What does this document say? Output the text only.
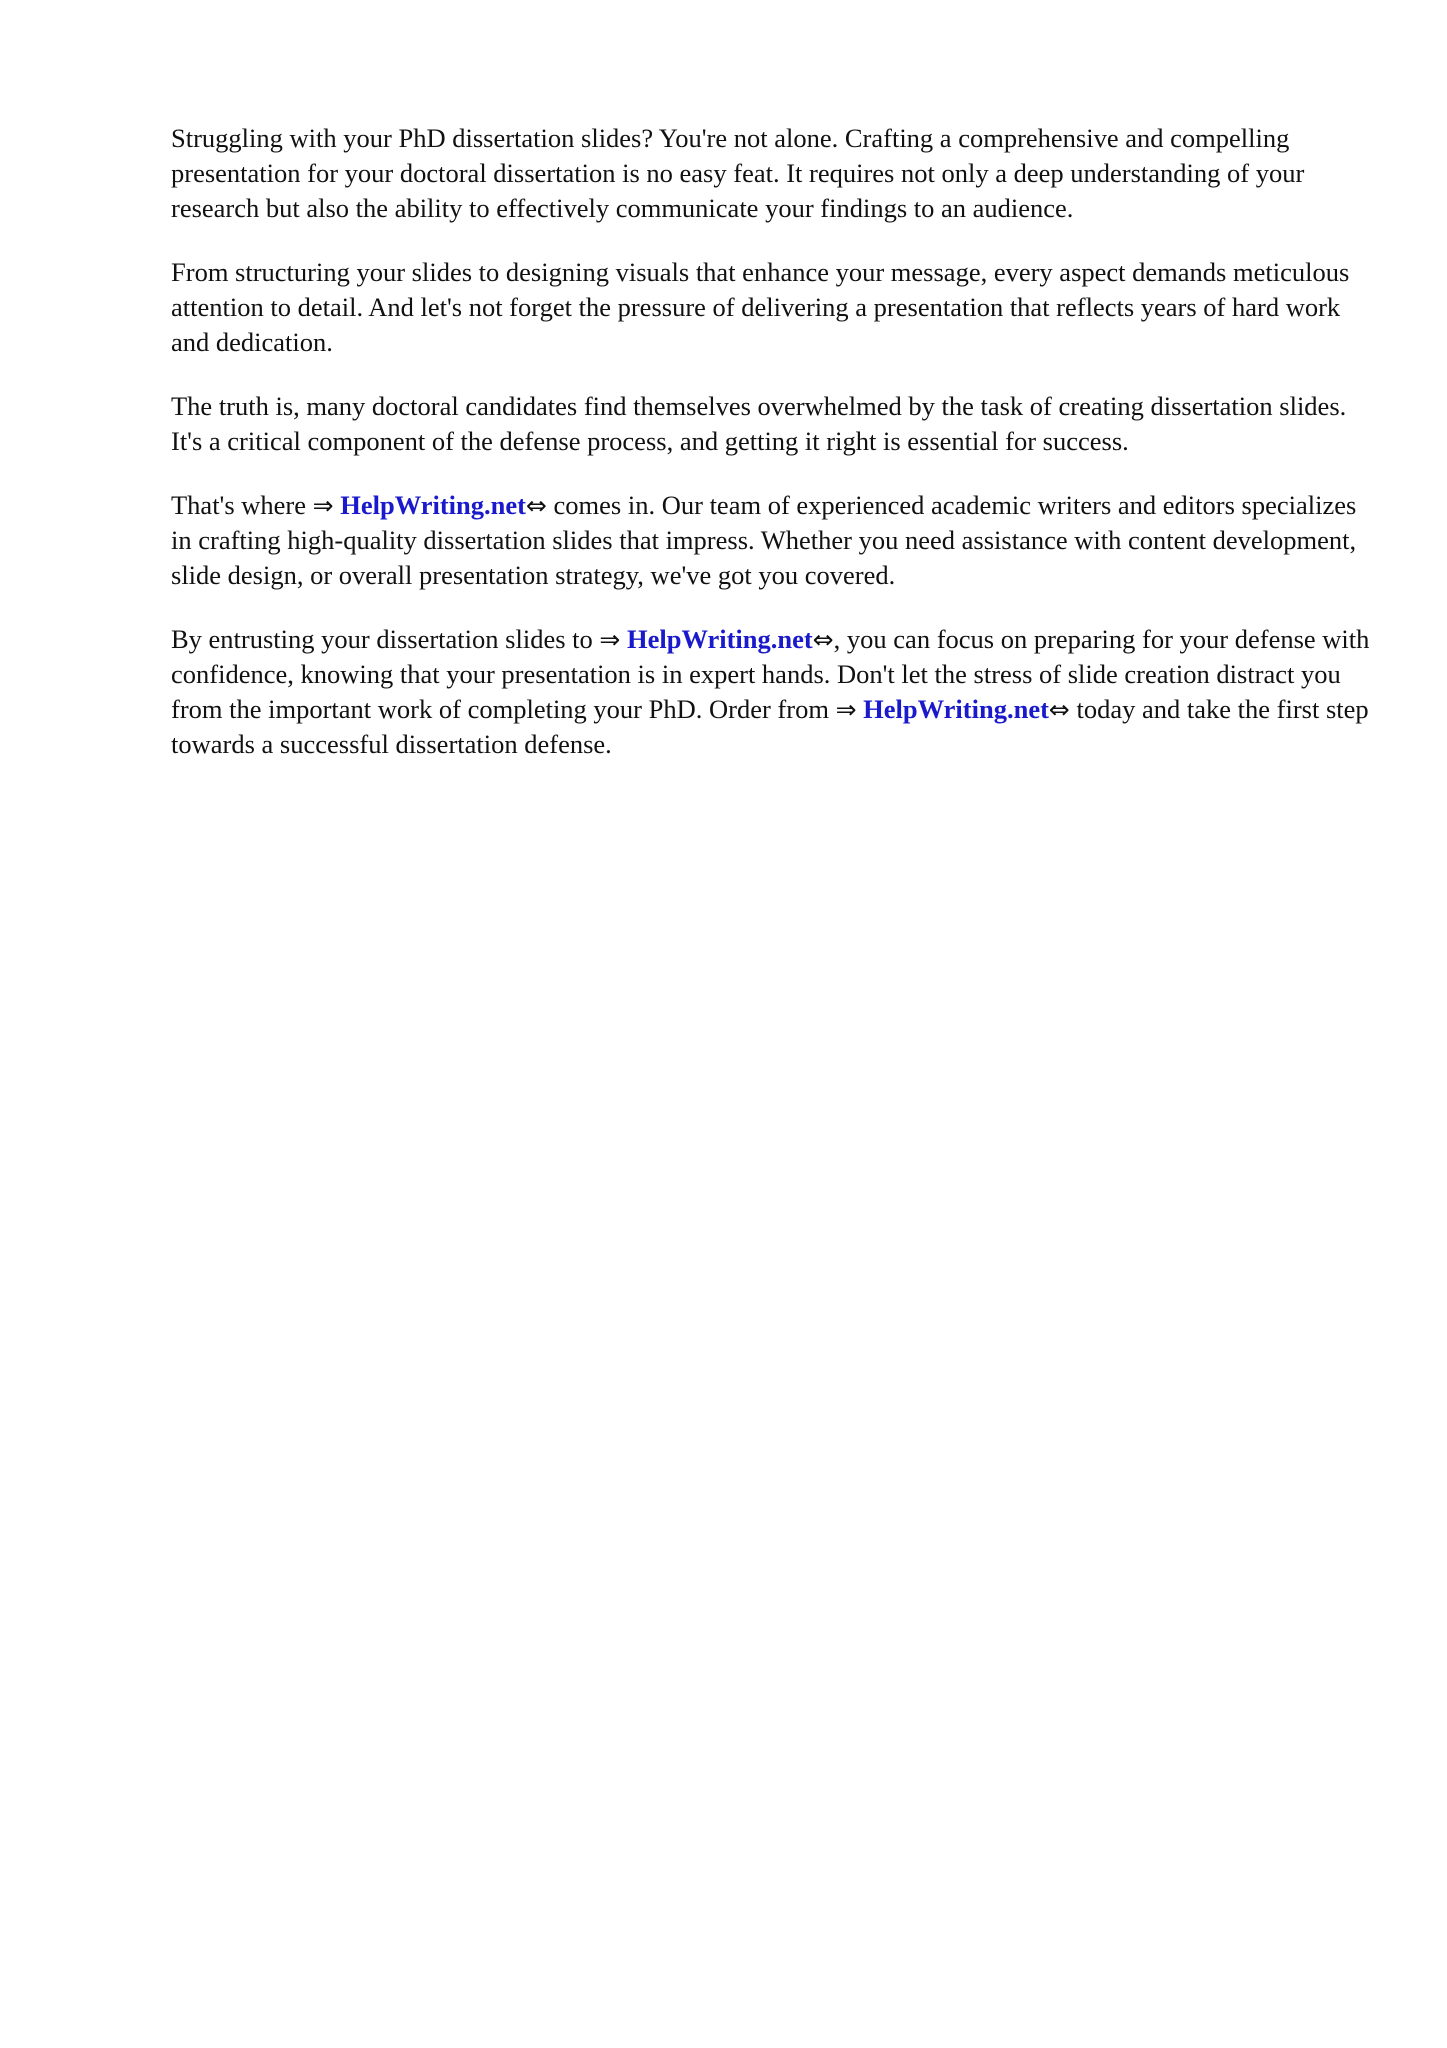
Struggling with your PhD dissertation slides? You're not alone. Crafting a comprehensive and compelling presentation for your doctoral dissertation is no easy feat. It requires not only a deep understanding of your research but also the ability to effectively communicate your findings to an audience.

From structuring your slides to designing visuals that enhance your message, every aspect demands meticulous attention to detail. And let's not forget the pressure of delivering a presentation that reflects years of hard work and dedication.

The truth is, many doctoral candidates find themselves overwhelmed by the task of creating dissertation slides. It's a critical component of the defense process, and getting it right is essential for success.

That's where ⇒ HelpWriting.net⇔ comes in. Our team of experienced academic writers and editors specializes in crafting high-quality dissertation slides that impress. Whether you need assistance with content development, slide design, or overall presentation strategy, we've got you covered.

By entrusting your dissertation slides to ⇒ HelpWriting.net⇔, you can focus on preparing for your defense with confidence, knowing that your presentation is in expert hands. Don't let the stress of slide creation distract you from the important work of completing your PhD. Order from ⇒ HelpWriting.net⇔ today and take the first step towards a successful dissertation defense.
